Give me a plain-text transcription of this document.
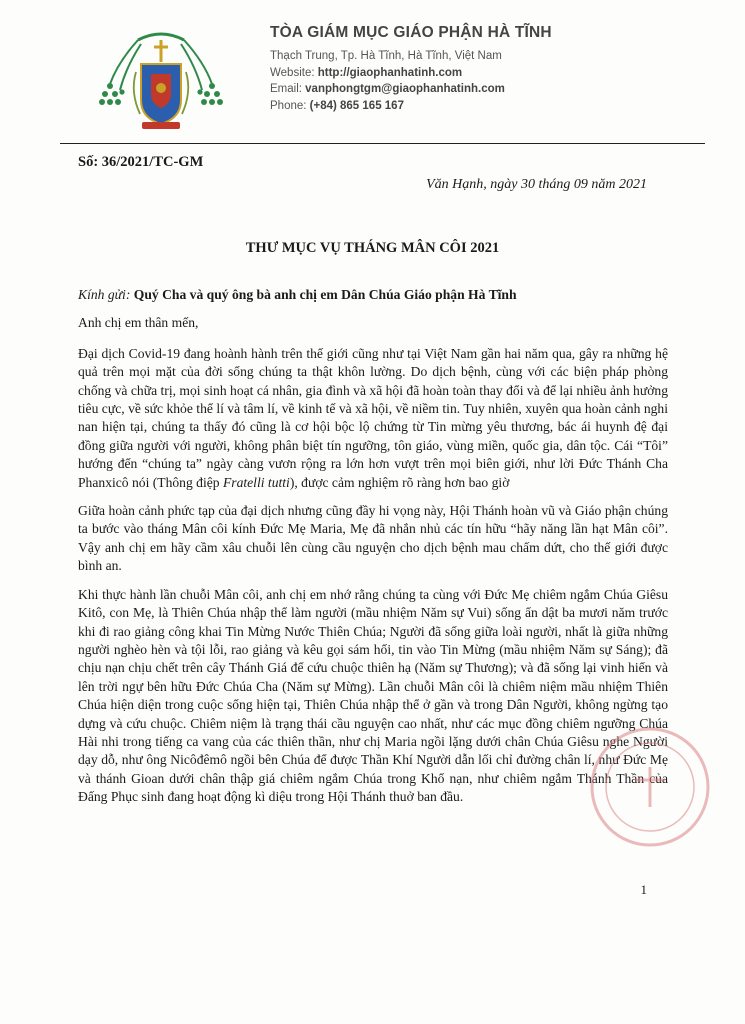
TÒA GIÁM MỤC GIÁO PHẬN HÀ TĨNH
Thạch Trung, Tp. Hà Tĩnh, Hà Tĩnh, Việt Nam
Website: http://giaophanhatinh.com
Email: vanphongtgm@giaophanhatinh.com
Phone: (+84) 865 165 167
Số: 36/2021/TC-GM
Văn Hạnh, ngày 30 tháng 09 năm 2021
THƯ MỤC VỤ THÁNG MÂN CÔI 2021

Kính gửi: Quý Cha và quý ông bà anh chị em Dân Chúa Giáo phận Hà Tĩnh

Anh chị em thân mến,

Đại dịch Covid-19 đang hoành hành trên thế giới cũng như tại Việt Nam gần hai năm qua, gây ra những hệ quả trên mọi mặt của đời sống chúng ta thật khôn lường. Do dịch bệnh, cùng với các biện pháp phòng chống và chữa trị, mọi sinh hoạt cá nhân, gia đình và xã hội đã hoàn toàn thay đổi và để lại nhiều ảnh hưởng tiêu cực, về sức khỏe thể lí và tâm lí, về kinh tế và xã hội, về niềm tin. Tuy nhiên, xuyên qua hoàn cảnh nghi nan hiện tại, chúng ta thấy đó cũng là cơ hội bộc lộ chứng từ Tin mừng yêu thương, bác ái huynh đệ đại đồng giữa người với người, không phân biệt tín ngưỡng, tôn giáo, vùng miền, quốc gia, dân tộc. Cái “Tôi” hướng đến “chúng ta” ngày càng vươn rộng ra lớn hơn vượt trên mọi biên giới, như lời Đức Thánh Cha Phanxicô nói (Thông điệp Fratelli tutti), được cảm nghiệm rõ ràng hơn bao giờ

Giữa hoàn cảnh phức tạp của đại dịch nhưng cũng đầy hi vọng này, Hội Thánh hoàn vũ và Giáo phận chúng ta bước vào tháng Mân côi kính Đức Mẹ Maria, Mẹ đã nhắn nhủ các tín hữu “hãy năng lần hạt Mân côi”. Vậy anh chị em hãy cầm xâu chuỗi lên cùng cầu nguyện cho dịch bệnh mau chấm dứt, cho thế giới được bình an.

Khi thực hành lần chuỗi Mân côi, anh chị em nhớ rằng chúng ta cùng với Đức Mẹ chiêm ngắm Chúa Giêsu Kitô, con Mẹ, là Thiên Chúa nhập thể làm người (mầu nhiệm Năm sự Vui) sống ẩn dật ba mươi năm trước khi đi rao giảng công khai Tin Mừng Nước Thiên Chúa; Người đã sống giữa loài người, nhất là giữa những người nghèo hèn và tội lỗi, rao giảng và kêu gọi sám hối, tin vào Tin Mừng (mầu nhiệm Năm sự Sáng); đã chịu nạn chịu chết trên cây Thánh Giá để cứu chuộc thiên hạ (Năm sự Thương); và đã sống lại vinh hiển và lên trời ngự bên hữu Đức Chúa Cha (Năm sự Mừng). Lần chuỗi Mân côi là chiêm niệm mầu nhiệm Thiên Chúa hiện diện trong cuộc sống hiện tại, Thiên Chúa nhập thể ở gần và trong Dân Người, không ngừng tạo dựng và cứu chuộc. Chiêm niệm là trạng thái cầu nguyện cao nhất, như các mục đồng chiêm ngưỡng Chúa Hài nhi trong tiếng ca vang của các thiên thần, như chị Maria ngồi lặng dưới chân Chúa Giêsu nghe Người dạy dỗ, như ông Nicôđêmô ngồi bên Chúa để được Thần Khí Người dẫn lối chỉ đường chân lí, như Đức Mẹ và thánh Gioan dưới chân thập giá chiêm ngắm Chúa trong Khổ nạn, như chiêm ngắm Thánh Thần của Đấng Phục sinh đang hoạt động kì diệu trong Hội Thánh thuở ban đầu.

1
